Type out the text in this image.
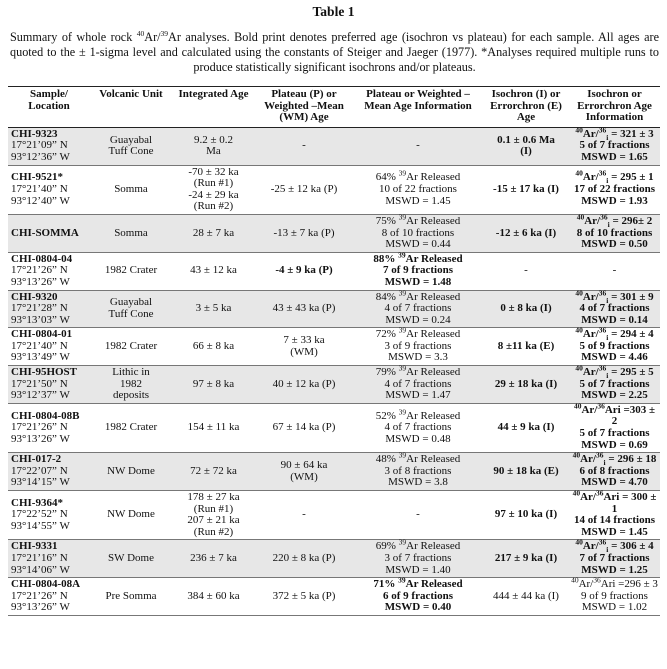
Table 1
Summary of whole rock $^{40}$Ar/$^{39}$Ar analyses. Bold print denotes preferred age (isochron vs plateau) for each sample. All ages are quoted to the ± 1-sigma level and calculated using the constants of Steiger and Jaeger (1977). *Analyses required multiple runs to produce statistically significant isochrons and/or plateaus.
Sample/ Location	Volcanic Unit	Integrated Age	Plateau (P) or Weighted –Mean (WM) Age	Plateau or Weighted – Mean Age Information	Isochron (I) or Errorchron (E) Age	Isochron or Errorchron Age Information
CHI-9323
17°21’09” N
93°12’36” W	Guayabal
Tuff Cone	9.2 ± 0.2
Ma	-	-	0.1 ± 0.6 Ma
(I)	$^{40}$Ar/$^{36}_i$ = 321 ± 3
5 of 7 fractions
MSWD = 1.65
CHI-9521*
17°21’40” N
93°12’40” W	Somma	-70 ± 32 ka
(Run #1)
-24 ± 29 ka
(Run #2)	-25 ± 12 ka (P)	64% $^{39}$Ar Released
10 of 22 fractions
MSWD = 1.45	-15 ± 17 ka (I)	$^{40}$Ar/$^{36}_i$ = 295 ± 1
17 of 22 fractions
MSWD = 1.93
CHI-SOMMA	Somma	28 ± 7 ka	-13 ± 7 ka (P)	75% $^{39}$Ar Released
8 of 10 fractions
MSWD = 0.44	-12 ± 6 ka (I)	$^{40}$Ar/$^{36}_i$ = 296± 2
8 of 10 fractions
MSWD = 0.50
CHI-0804-04
17°21’26” N
93°13’26” W	1982 Crater	43 ± 12 ka	-4 ± 9 ka (P)	88% $^{39}$Ar Released
7 of 9 fractions
MSWD = 1.48	-	-
CHI-9320
17°21’28” N
93°13’03” W	Guayabal
Tuff Cone	3 ± 5 ka	43 ± 43 ka (P)	84% $^{39}$Ar Released
4 of 7 fractions
MSWD = 0.24	0 ± 8 ka (I)	$^{40}$Ar/$^{36}_i$ = 301 ± 9
4 of 7 fractions
MSWD = 0.14
CHI-0804-01
17°21’40” N
93°13’49” W	1982 Crater	66 ± 8 ka	7 ± 33 ka
(WM)	72% $^{39}$Ar Released
3 of 9 fractions
MSWD = 3.3	8 ±11 ka (E)	$^{40}$Ar/$^{36}_i$ = 294 ± 4
5 of 9 fractions
MSWD = 4.46
CHI-95HOST
17°21’50” N
93°12’37” W	Lithic in
1982
deposits	97 ± 8 ka	40 ± 12 ka (P)	79% $^{39}$Ar Released
4 of 7 fractions
MSWD = 1.47	29 ± 18 ka (I)	$^{40}$Ar/$^{36}_i$ = 295 ± 5
5 of 7 fractions
MSWD = 2.25
CHI-0804-08B
17°21’26” N
93°13’26” W	1982 Crater	154 ± 11 ka	67 ± 14 ka (P)	52% $^{39}$Ar Released
4 of 7 fractions
MSWD = 0.48	44 ± 9 ka (I)	$^{40}$Ar/$^{36}$Ari =303 ± 2
5 of 7 fractions
MSWD = 0.69
CHI-017-2
17°22’07” N
93°14’15” W	NW Dome	72 ± 72 ka	90 ± 64 ka
(WM)	48% $^{39}$Ar Released
3 of 8 fractions
MSWD = 3.8	90 ± 18 ka (E)	$^{40}$Ar/$^{36}_i$ = 296 ± 18
6 of 8 fractions
MSWD = 4.70
CHI-9364*
17°22’52” N
93°14’55” W	NW Dome	178 ± 27 ka
(Run #1)
207 ± 21 ka
(Run #2)	-	-	97 ± 10 ka (I)	$^{40}$Ar/$^{36}$Ari = 300 ± 1
14 of 14 fractions
MSWD = 1.45
CHI-9331
17°21’16” N
93°14’06” W	SW Dome	236 ± 7 ka	220 ± 8 ka (P)	69% $^{39}$Ar Released
3 of 7 fractions
MSWD = 1.40	217 ± 9 ka (I)	$^{40}$Ar/$^{36}_i$ = 306 ± 4
7 of 7 fractions
MSWD = 1.25
CHI-0804-08A
17°21’26” N
93°13’26” W	Pre Somma	384 ± 60 ka	372 ± 5 ka (P)	71% $^{39}$Ar Released
6 of 9 fractions
MSWD = 0.40	444 ± 44 ka (I)	$^{40}$Ar/$^{36}$Ari =296 ± 3
9 of 9 fractions
MSWD = 1.02
